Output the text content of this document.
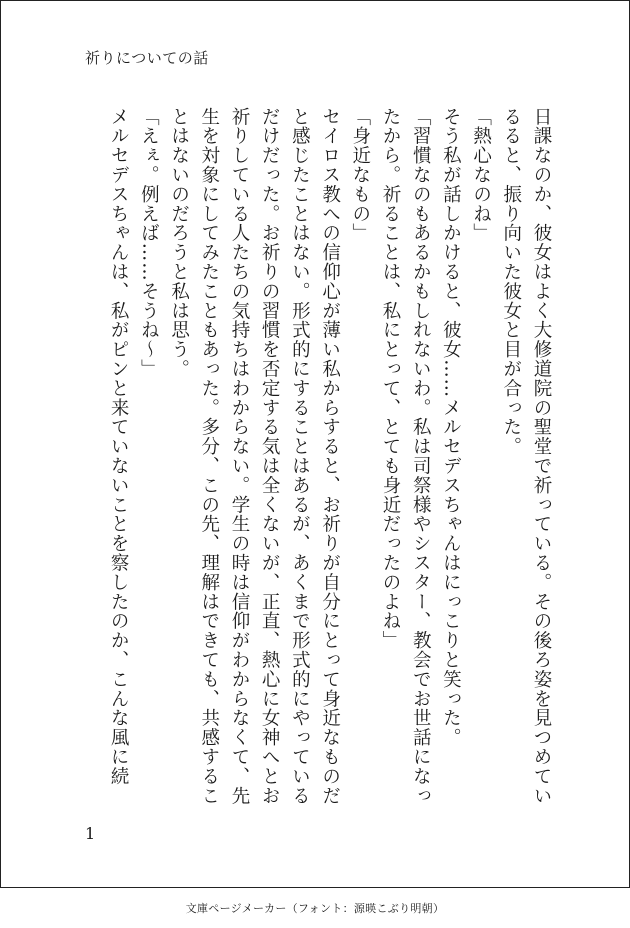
祈りについての話

日課なのか、彼女はよく大修道院の聖堂で祈っている。その後ろ姿を見つめているると、振り向いた彼女と目が合った。

「熱心なのね」

そう私が話しかけると、彼女……メルセデスちゃんはにっこりと笑った。

「習慣なのもあるかもしれないわ。私は司祭様やシスター、教会でお世話になったから。祈ることは、私にとって、とても身近だったのよね」

「身近なもの」

セイロス教への信仰心が薄い私からすると、お祈りが自分にとって身近なものだと感じたことはない。形式的にすることはあるが、あくまで形式的にやっているだけだった。お祈りの習慣を否定する気は全くないが、正直、熱心に女神へとお祈りしている人たちの気持ちはわからない。学生の時は信仰がわからなくて、先生を対象にしてみたこともあった。多分、この先、理解はできても、共感することはないのだろうと私は思う。

「えぇ。例えば……そうね～」

メルセデスちゃんは、私がピンと来ていないことを察したのか、こんな風に続

1
文庫ページメーカー（フォント：源暎こぶり明朝）
